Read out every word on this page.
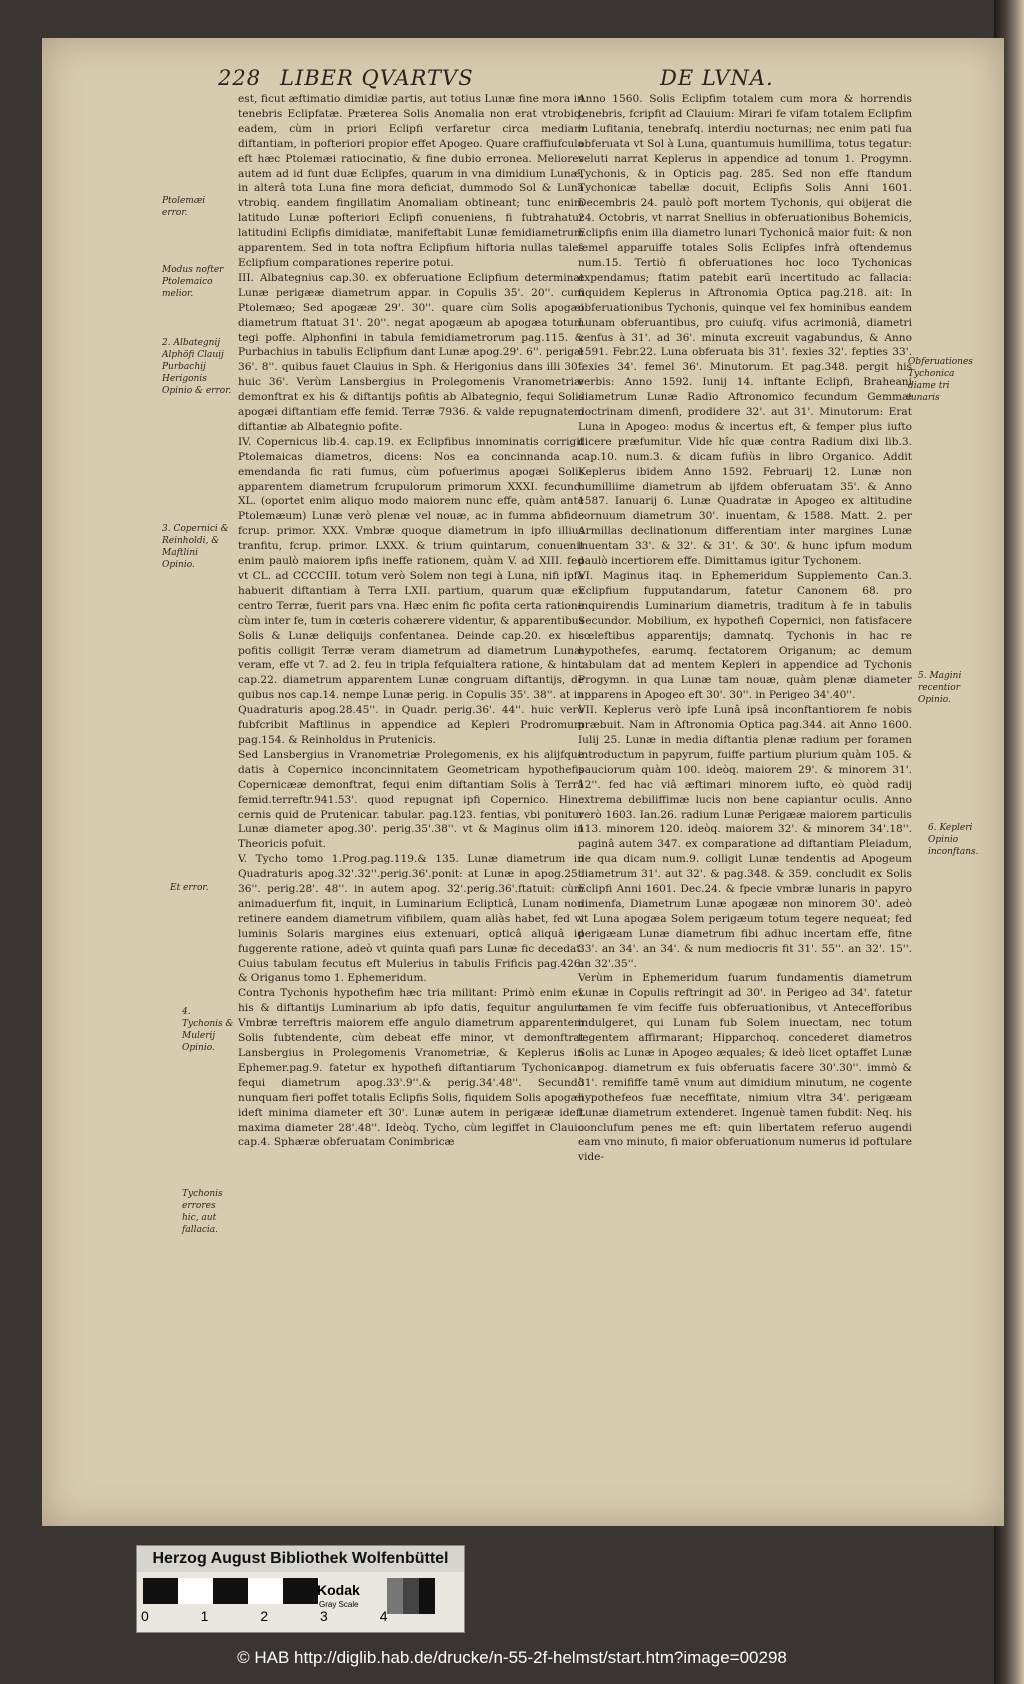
228 LIBER QVARTVS	DE LVNA.

est, ficut æftimatio dimidiæ partis, aut totius Lunæ fine mora in tenebris Eclipfatæ. Præterea Solis Anomalia non erat vtrobiq. eadem, cùm in priori Eclipfi verfaretur circa mediam diftantiam, in pofteriori propior effet Apogeo. Quare craffiufcula eft hæc Ptolemæi ratiocinatio, & fine dubio erronea. Meliores autem ad id funt duæ Eclipfes, quarum in vna dimidium Lunæ, in alterâ tota Luna fine mora deficiat, dummodo Sol & Luna vtrobiq. eandem fingillatim Anomaliam obtineant; tunc enim latitudo Lunæ pofteriori Eclipfi conueniens, fi fubtrahatur latitudini Eclipfis dimidiatæ, manifeftabit Lunæ femidiametrum apparentem. Sed in tota noftra Eclipfium hiftoria nullas tales Eclipfium comparationes reperire potui.

III. Albategnius cap.30. ex obferuatione Eclipfium determinat Lunæ perigææ diametrum appar. in Copulis 35'. 20''. cum Ptolemæo; Sed apogææ 29'. 30''. quare cùm Solis apogæi diametrum ftatuat 31'. 20''. negat apogæum ab apogæa totum tegi poffe. Alphonfini in tabula femidiametrorum pag.115. & Purbachius in tabulis Eclipfium dant Lunæ apog.29'. 6''. perigæ 36'. 8''. quibus fauet Clauius in Sph. & Herigonius dans illi 30'. huic 36'. Verùm Lansbergius in Prolegomenis Vranometriæ demonftrat ex his & diftantijs pofitis ab Albategnio, fequi Solis apogæi diftantiam effe femid. Terræ 7936. & valde repugnatem diftantiæ ab Albategnio pofite.

IV. Copernicus lib.4. cap.19. ex Eclipfibus innominatis corrigit Ptolemaicas diametros, dicens: Nos ea concinnanda ac emendanda fic rati fumus, cùm pofuerimus apogæi Solis apparentem diametrum fcrupulorum primorum XXXI. fecund. XL. (oportet enim aliquo modo maiorem nunc effe, quàm ante Ptolemæum) Lunæ verò plenæ vel nouæ, ac in fumma abfide fcrup. primor. XXX. Vmbræ quoque diametrum in ipfo illius tranfitu, fcrup. primor. LXXX. & trium quintarum, conuenit enim paulò maiorem ipfis ineffe rationem, quàm V. ad XIII. fed vt CL. ad CCCCIII. totum verò Solem non tegi à Luna, nifi ipfa habuerit diftantiam à Terra LXII. partium, quarum quæ ex centro Terræ, fuerit pars vna. Hæc enim fic pofita certa ratione cùm inter fe, tum in cœteris cohærere videntur, & apparentibus Solis & Lunæ deliquijs confentanea. Deinde cap.20. ex his pofitis colligit Terræ veram diametrum ad diametrum Lunæ veram, effe vt 7. ad 2. feu in tripla fefquialtera ratione, & hinc cap.22. diametrum apparentem Lunæ congruam diftantijs, de quibus nos cap.14. nempe Lunæ perig. in Copulis 35'. 38''. at in Quadraturis apog.28.45''. in Quadr. perig.36'. 44''. huic verò fubfcribit Maftlinus in appendice ad Kepleri Prodromum pag.154. & Reinholdus in Prutenicis.

Sed Lansbergius in Vranometriæ Prolegomenis, ex his alijfque datis à Copernico inconcinnitatem Geometricam hypothefis Copernicææ demonftrat, fequi enim diftantiam Solis à Terrâ femid.terreftr.941.53'. quod repugnat ipfi Copernico. Hinc cernis quid de Prutenicar. tabular. pag.123. fentias, vbi ponitur Lunæ diameter apog.30'. perig.35'.38''. vt & Maginus olim in Theoricis pofuit.

V. Tycho tomo 1.Prog.pag.119.& 135. Lunæ diametrum in Quadraturis apog.32'.32''.perig.36'.ponit: at Lunæ in apog.25'. 36''. perig.28'. 48''. in autem apog. 32'.perig.36'.ftatuit: cùm animaduerfum fit, inquit, in Luminarium Eclipticâ, Lunam non retinere eandem diametrum vifibilem, quam aliàs habet, fed vi luminis Solaris margines eius extenuari, opticâ aliquâ id fuggerente ratione, adeò vt quinta quafi pars Lunæ fic decedat. Cuius tabulam fecutus eft Mulerius in tabulis Frificis pag.426. & Origanus tomo 1. Ephemeridum.

Contra Tychonis hypothefim hæc tria militant: Primò enim ex his & diftantijs Luminarium ab ipfo datis, fequitur angulum Vmbræ terreftris maiorem effe angulo diametrum apparentem Solis fubtendente, cùm debeat effe minor, vt demonftrat Lansbergius in Prolegomenis Vranometriæ, & Keplerus in Ephemer.pag.9. fatetur ex hypothefi diftantiarum Tychonicar. fequi diametrum apog.33'.9''.& perig.34'.48''. Secundò nunquam fieri poffet totalis Eclipfis Solis, fiquidem Solis apogæi ideft minima diameter eft 30'. Lunæ autem in perigææ ideft maxima diameter 28'.48''. Ideòq. Tycho, cùm legiffet in Clauio cap.4. Sphæræ obferuatam Conimbricæ

Anno 1560. Solis Eclipfim totalem cum mora & horrendis tenebris, fcripfit ad Clauium: Mirari fe vifam totalem Eclipfim in Lufitania, tenebrafq. interdiu nocturnas; nec enim pati fua obferuata vt Sol à Luna, quantumuis humillima, totus tegatur: veluti narrat Keplerus in appendice ad tonum 1. Progymn. Tychonis, & in Opticis pag. 285. Sed non effe ftandum Tychonicæ tabellæ docuit, Eclipfis Solis Anni 1601. Decembris 24. paulò poft mortem Tychonis, qui obijerat die 24. Octobris, vt narrat Snellius in obferuationibus Bohemicis, Eclipfis enim illa diametro lunari Tychonicâ maior fuit: & non femel apparuiffe totales Solis Eclipfes infrà oftendemus num.15. Tertiò fi obferuationes hoc loco Tychonicas expendamus; ftatim patebit earũ incertitudo ac fallacia: fiquidem Keplerus in Aftronomia Optica pag.218. ait: In obferuationibus Tychonis, quinque vel fex hominibus eandem Lunam obferuantibus, pro cuiufq. vifus acrimoniâ, diametri cenfus à 31'. ad 36'. minuta excreuit vagabundus, & Anno 1591. Febr.22. Luna obferuata bis 31'. fexies 32'. fepties 33'. fexies 34'. femel 36'. Minutorum. Et pag.348. pergit his verbis: Anno 1592. Iunij 14. inftante Eclipfi, Braheani diametrum Lunæ Radio Aftronomico fecundum Gemmæ doctrinam dimenfi, prodidere 32'. aut 31'. Minutorum: Erat Luna in Apogeo: modus & incertus eft, & femper plus iufto dicere præfumitur. Vide hîc quæ contra Radium dixi lib.3. cap.10. num.3. & dicam fufiùs in libro Organico. Addit Keplerus ibidem Anno 1592. Februarij 12. Lunæ non humilliime diametrum ab ijfdem obferuatam 35'. & Anno 1587. Ianuarij 6. Lunæ Quadratæ in Apogeo ex altitudine cornuum diametrum 30'. inuentam, & 1588. Matt. 2. per Armillas declinationum differentiam inter margines Lunæ inuentam 33'. & 32'. & 31'. & 30'. & hunc ipfum modum paulò incertiorem effe. Dimittamus igitur Tychonem.

VI. Maginus itaq. in Ephemeridum Supplemento Can.3. Eclipfium fupputandarum, fatetur Canonem 68. pro inquirendis Luminarium diametris, traditum à fe in tabulis Secundor. Mobilium, ex hypothefi Copernici, non fatisfacere cœleftibus apparentijs; damnatq. Tychonis in hac re hypothefes, earumq. fectatorem Origanum; ac demum tabulam dat ad mentem Kepleri in appendice ad Tychonis Progymn. in qua Lunæ tam nouæ, quàm plenæ diameter apparens in Apogeo eft 30'. 30''. in Perigeo 34'.40''.

VII. Keplerus verò ipfe Lunâ ipsâ inconftantiorem fe nobis præbuit. Nam in Aftronomia Optica pag.344. ait Anno 1600. Iulij 25. Lunæ in media diftantia plenæ radium per foramen introductum in papyrum, fuiffe partium plurium quàm 105. & pauciorum quàm 100. ideòq. maiorem 29'. & minorem 31'. 12''. fed hac viâ æftimari minorem iufto, eò quòd radij extrema debiliffimæ lucis non bene capiantur oculis. Anno verò 1603. Ian.26. radium Lunæ Perigææ maiorem particulis 113. minorem 120. ideòq. maiorem 32'. & minorem 34'.18''. paginâ autem 347. ex comparatione ad diftantiam Pleiadum, de qua dicam num.9. colligit Lunæ tendentis ad Apogeum diametrum 31'. aut 32'. & pag.348. & 359. concludit ex Solis Eclipfi Anni 1601. Dec.24. & fpecie vmbræ lunaris in papyro dimenfa, Diametrum Lunæ apogææ non minorem 30'. adeò vt Luna apogæa Solem perigæum totum tegere nequeat; fed perigæam Lunæ diametrum fibi adhuc incertam effe, fitne 33'. an 34'. an 34'. & num mediocris fit 31'. 55''. an 32'. 15''. an 32'.35''.

Verùm in Ephemeridum fuarum fundamentis diametrum Lunæ in Copulis reftringit ad 30'. in Perigeo ad 34'. fatetur tamen fe vim feciffe fuis obferuationibus, vt Antecefforibus indulgeret, qui Lunam fub Solem inuectam, nec totum tegentem affirmarant; Hipparchoq. concederet diametros Solis ac Lunæ in Apogeo æquales; & ideò licet optaffet Lunæ apog. diametrum ex fuis obferuatis facere 30'.30''. immò & 31'. remififfe tamẽ vnum aut dimidium minutum, ne cogente hypothefeos fuæ neceffitate, nimium vltra 34'. perigæam Lunæ diametrum extenderet. Ingenuè tamen fubdit: Neq. his conclufum penes me eft: quin libertatem referuo augendi eam vno minuto, fi maior obferuationum numerus id poftulare vide-

Ptolemæi error.
Modus nofter Ptolemaico melior.
2. Albategnij Alphöfi Clauij Purbachij Herigonis Opinio & error.
3. Copernici & Reinholdi, & Maftlini Opinio.
Et error.
4. Tychonis & Mulerij Opinio.
Tychonis errores hic, aut fallacia.
Obferuationes Tychonica diame tri lunaris
5. Magini recentior Opinio.
6. Kepleri Opinio inconftans.
Herzog August Bibliothek Wolfenbüttel
Kodak
Gray Scale
0 1 2 3 4
© HAB http://diglib.hab.de/drucke/n-55-2f-helmst/start.htm?image=00298
